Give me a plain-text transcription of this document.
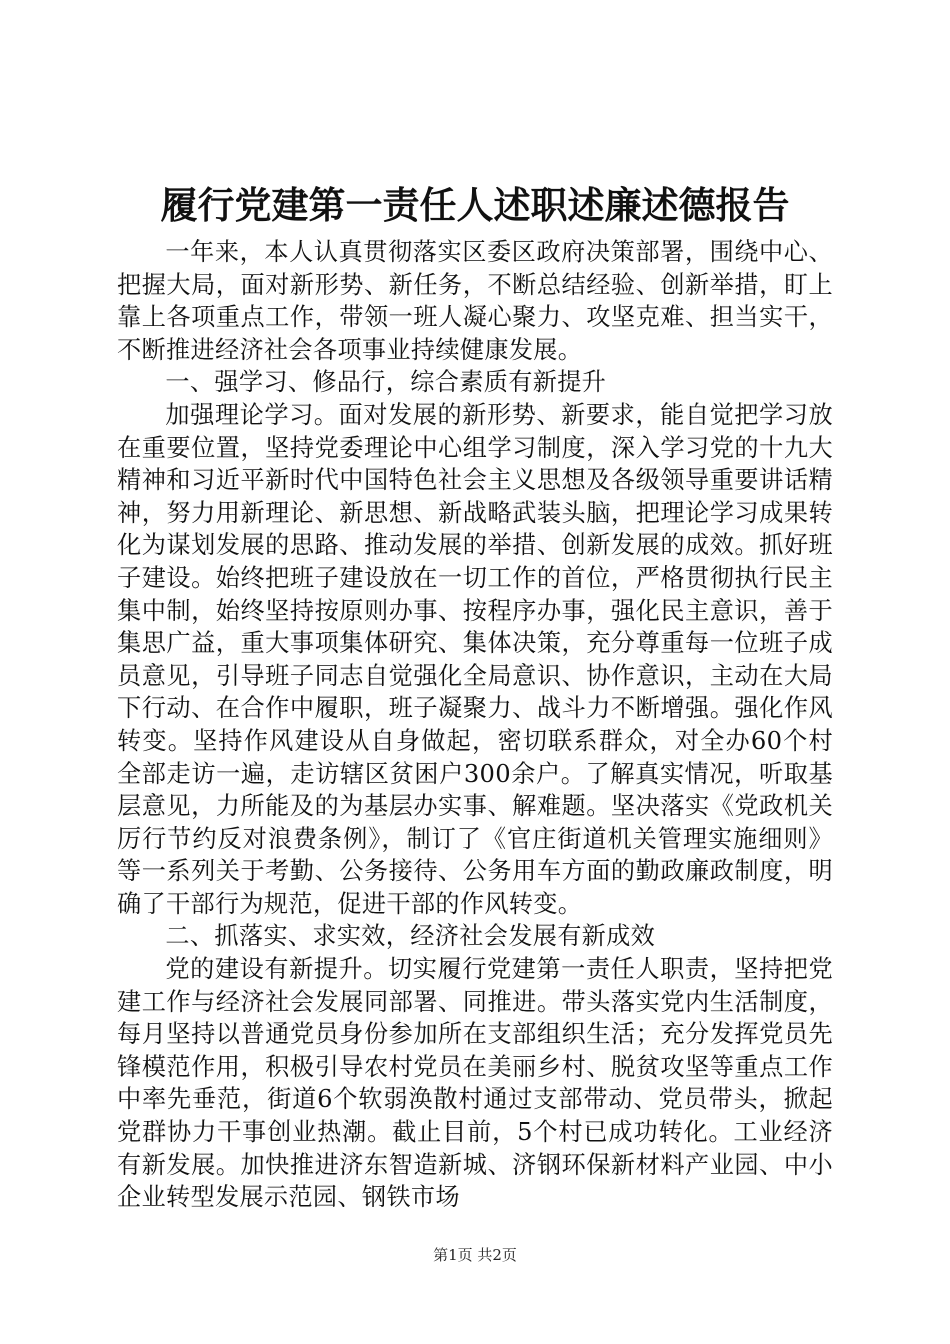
履行党建第一责任人述职述廉述德报告

一年来，本人认真贯彻落实区委区政府决策部署，围绕中心、把握大局，面对新形势、新任务，不断总结经验、创新举措，盯上靠上各项重点工作，带领一班人凝心聚力、攻坚克难、担当实干，不断推进经济社会各项事业持续健康发展。

一、强学习、修品行，综合素质有新提升

加强理论学习。面对发展的新形势、新要求，能自觉把学习放在重要位置，坚持党委理论中心组学习制度，深入学习党的十九大精神和习近平新时代中国特色社会主义思想及各级领导重要讲话精神，努力用新理论、新思想、新战略武装头脑，把理论学习成果转化为谋划发展的思路、推动发展的举措、创新发展的成效。抓好班子建设。始终把班子建设放在一切工作的首位，严格贯彻执行民主集中制，始终坚持按原则办事、按程序办事，强化民主意识，善于集思广益，重大事项集体研究、集体决策，充分尊重每一位班子成员意见，引导班子同志自觉强化全局意识、协作意识，主动在大局下行动、在合作中履职，班子凝聚力、战斗力不断增强。强化作风转变。坚持作风建设从自身做起，密切联系群众，对全办60个村全部走访一遍，走访辖区贫困户300余户。了解真实情况，听取基层意见，力所能及的为基层办实事、解难题。坚决落实《党政机关厉行节约反对浪费条例》，制订了《官庄街道机关管理实施细则》等一系列关于考勤、公务接待、公务用车方面的勤政廉政制度，明确了干部行为规范，促进干部的作风转变。

二、抓落实、求实效，经济社会发展有新成效

党的建设有新提升。切实履行党建第一责任人职责，坚持把党建工作与经济社会发展同部署、同推进。带头落实党内生活制度，每月坚持以普通党员身份参加所在支部组织生活；充分发挥党员先锋模范作用，积极引导农村党员在美丽乡村、脱贫攻坚等重点工作中率先垂范，街道6个软弱涣散村通过支部带动、党员带头，掀起党群协力干事创业热潮。截止目前，5个村已成功转化。工业经济有新发展。加快推进济东智造新城、济钢环保新材料产业园、中小企业转型发展示范园、钢铁市场

第1页 共2页
